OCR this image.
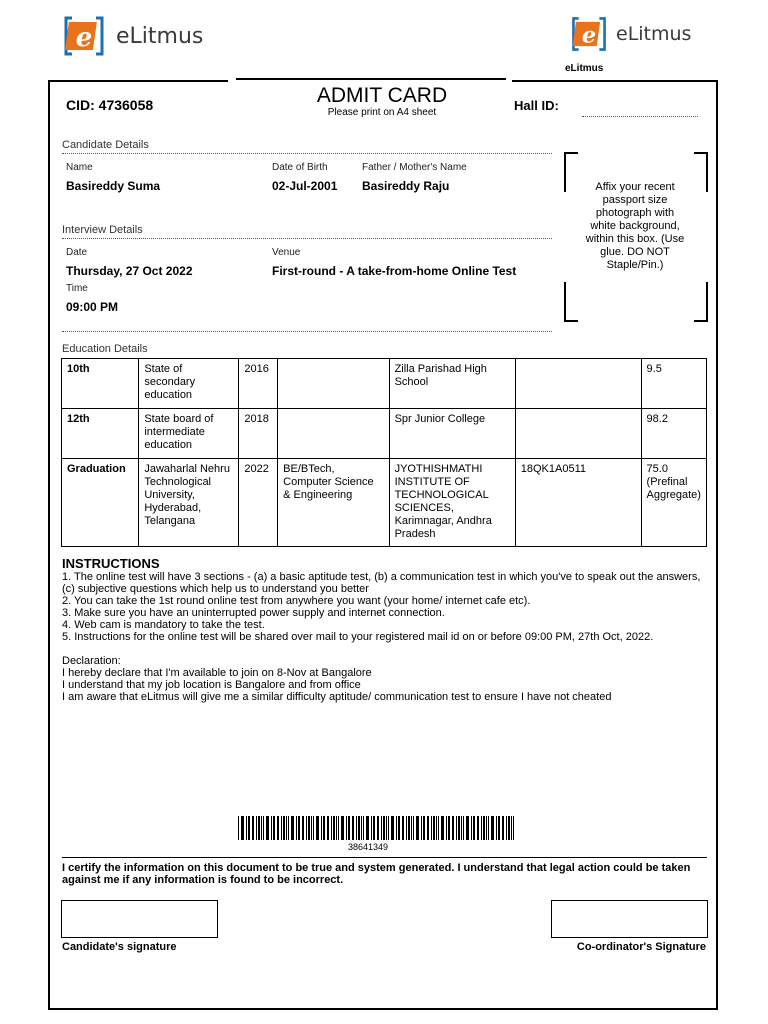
e eLitmus	e eLitmus
eLitmus
CID: 4736058	ADMIT CARD
Please print on A4 sheet	Hall ID:
Candidate Details
Name
Basireddy Suma
Date of Birth
02-Jul-2001
Father / Mother's Name
Basireddy Raju	Affix your recent passport size photograph with white background, within this box. (Use glue. DO NOT Staple/Pin.)
Interview Details
Date
Thursday, 27 Oct 2022
Venue
First-round - A take-from-home Online Test
Time
09:00 PM
Education Details
10th	State of secondary education	2016		Zilla Parishad High School		9.5
12th	State board of intermediate education	2018		Spr Junior College		98.2
Graduation	Jawaharlal Nehru Technological University, Hyderabad, Telangana	2022	BE/BTech, Computer Science & Engineering	JYOTHISHMATHI INSTITUTE OF TECHNOLOGICAL SCIENCES, Karimnagar, Andhra Pradesh	18QK1A0511	75.0 (Prefinal Aggregate)
INSTRUCTIONS
1. The online test will have 3 sections - (a) a basic aptitude test, (b) a communication test in which you've to speak out the answers, (c) subjective questions which help us to understand you better
2. You can take the 1st round online test from anywhere you want (your home/ internet cafe etc).
3. Make sure you have an uninterrupted power supply and internet connection.
4. Web cam is mandatory to take the test.
5. Instructions for the online test will be shared over mail to your registered mail id on or before 09:00 PM, 27th Oct, 2022.
Declaration:
I hereby declare that I'm available to join on 8-Nov at Bangalore
I understand that my job location is Bangalore and from office
I am aware that eLitmus will give me a similar difficulty aptitude/ communication test to ensure I have not cheated
38641349
I certify the information on this document to be true and system generated. I understand that legal action could be taken against me if any information is found to be incorrect.
Candidate's signature	Co-ordinator's Signature
